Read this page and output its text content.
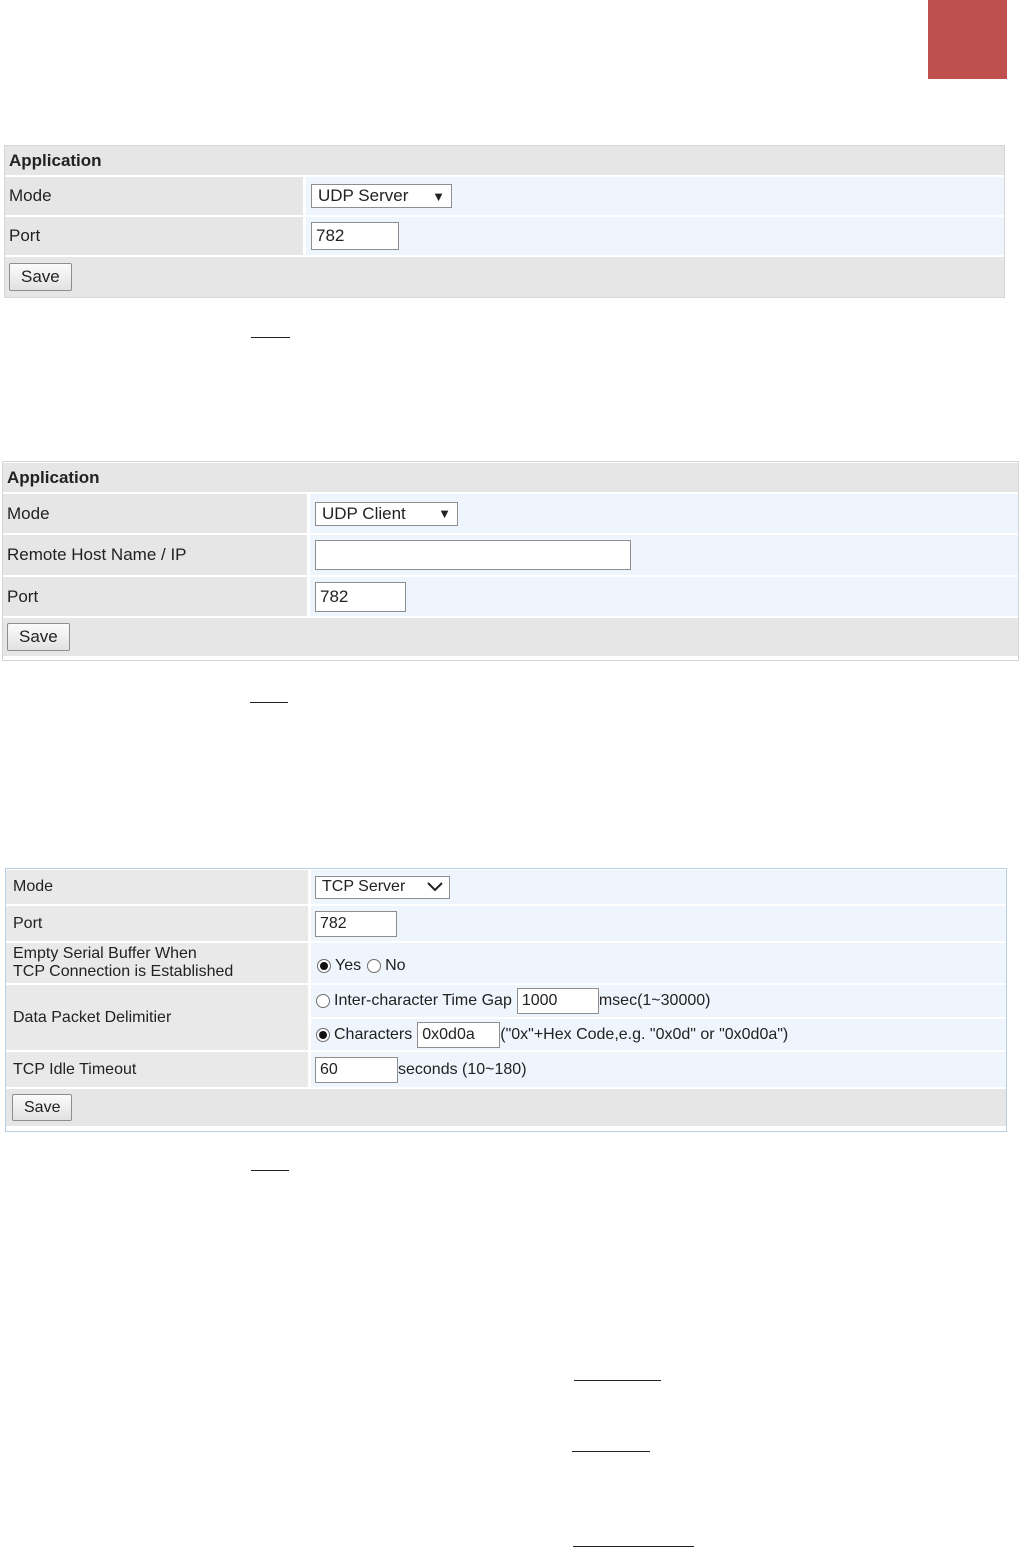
Application
Mode	UDP Server ▼
Port	782
Save
Application
Mode	UDP Client ▼
Remote Host Name / IP
Port	782
Save
Mode	TCP Server
Port	782
Empty Serial Buffer When
TCP Connection is Established	Yes No
Data Packet Delimitier
Inter-character Time Gap 1000	msec(1~30000)
Characters 0x0d0a	("0x"+Hex Code,e.g. "0x0d" or "0x0d0a")
TCP Idle Timeout	60	seconds (10~180)
Save
